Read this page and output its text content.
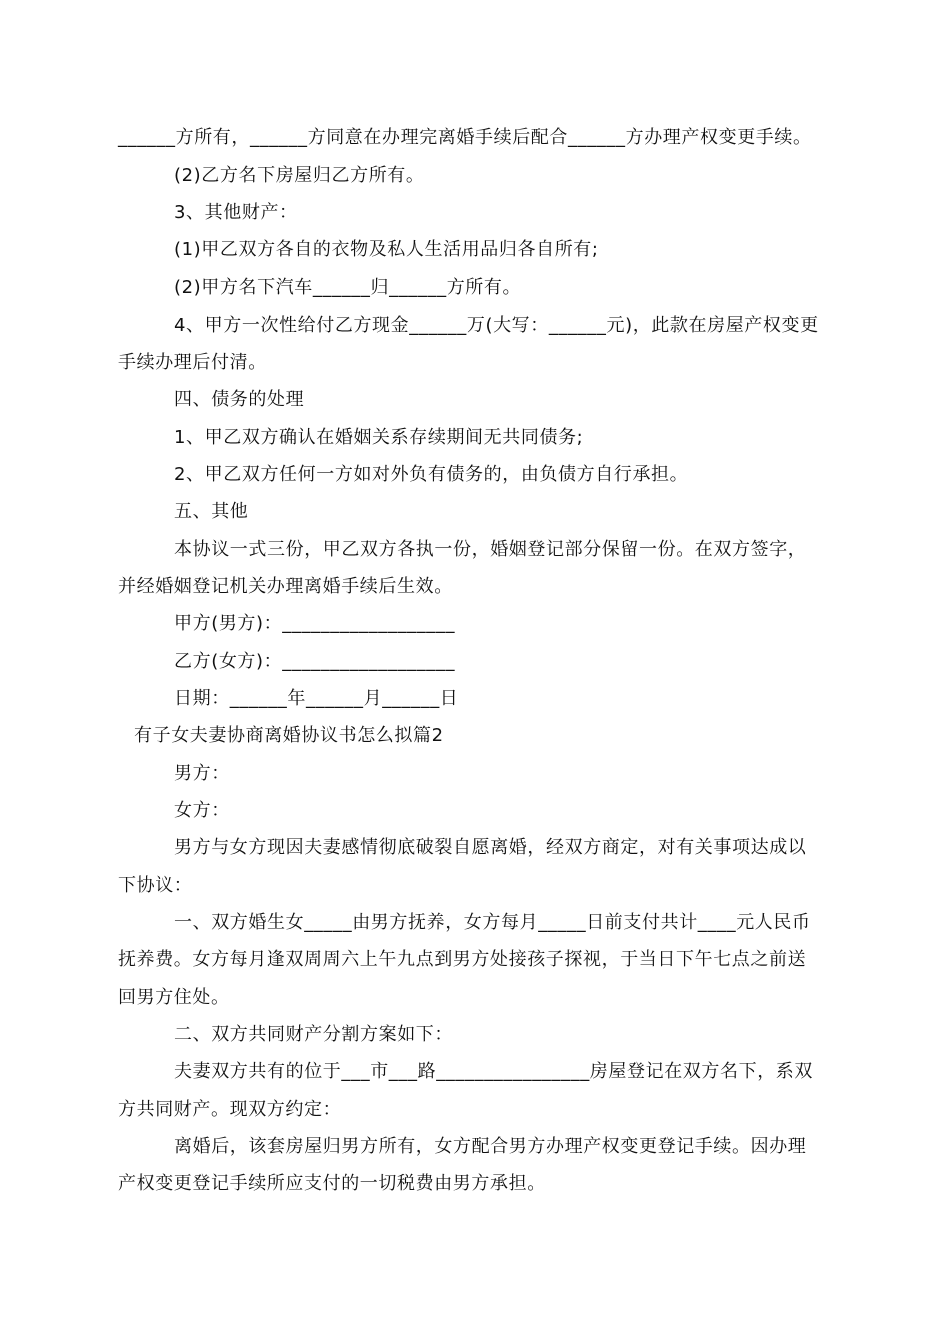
______方所有，______方同意在办理完离婚手续后配合______方办理产权变更手续。
(2)乙方名下房屋归乙方所有。
3、其他财产：
(1)甲乙双方各自的衣物及私人生活用品归各自所有;
(2)甲方名下汽车______归______方所有。
4、甲方一次性给付乙方现金______万(大写：______元)，此款在房屋产权变更
手续办理后付清。
四、债务的处理
1、甲乙双方确认在婚姻关系存续期间无共同债务;
2、甲乙双方任何一方如对外负有债务的，由负债方自行承担。
五、其他
本协议一式三份，甲乙双方各执一份，婚姻登记部分保留一份。在双方签字，
并经婚姻登记机关办理离婚手续后生效。
甲方(男方)：__________________
乙方(女方)：__________________
日期：______年______月______日
有子女夫妻协商离婚协议书怎么拟篇2
男方：
女方：
男方与女方现因夫妻感情彻底破裂自愿离婚，经双方商定，对有关事项达成以
下协议：
一、双方婚生女_____由男方抚养，女方每月_____日前支付共计____元人民币
抚养费。女方每月逢双周周六上午九点到男方处接孩子探视，于当日下午七点之前送
回男方住处。
二、双方共同财产分割方案如下：
夫妻双方共有的位于___市___路________________房屋登记在双方名下，系双
方共同财产。现双方约定：
离婚后，该套房屋归男方所有，女方配合男方办理产权变更登记手续。因办理
产权变更登记手续所应支付的一切税费由男方承担。
